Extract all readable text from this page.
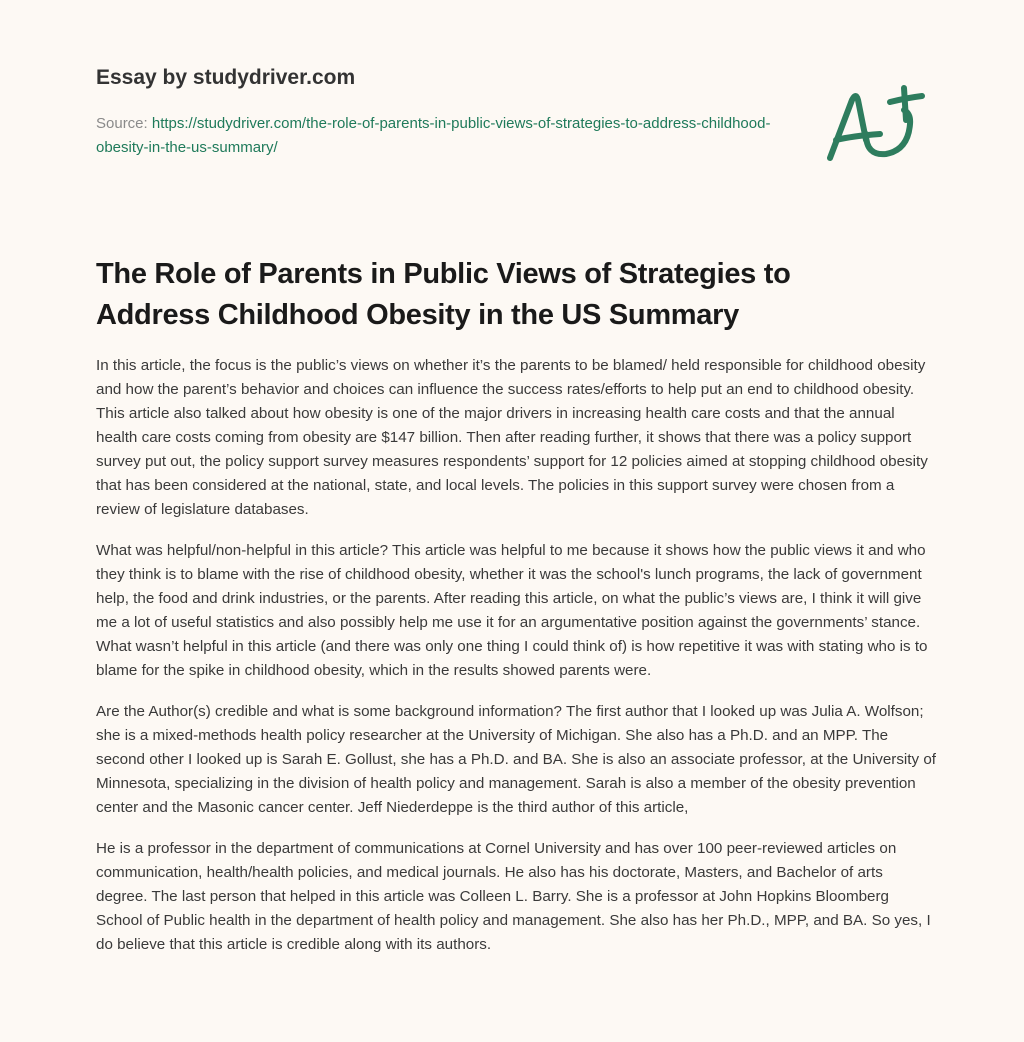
Essay by studydriver.com
Source: https://studydriver.com/the-role-of-parents-in-public-views-of-strategies-to-address-childhood-obesity-in-the-us-summary/
The Role of Parents in Public Views of Strategies to Address Childhood Obesity in the US Summary

In this article, the focus is the public’s views on whether it’s the parents to be blamed/ held responsible for childhood obesity and how the parent’s behavior and choices can influence the success rates/efforts to help put an end to childhood obesity. This article also talked about how obesity is one of the major drivers in increasing health care costs and that the annual health care costs coming from obesity are $147 billion. Then after reading further, it shows that there was a policy support survey put out, the policy support survey measures respondents’ support for 12 policies aimed at stopping childhood obesity that has been considered at the national, state, and local levels. The policies in this support survey were chosen from a review of legislature databases.

What was helpful/non-helpful in this article? This article was helpful to me because it shows how the public views it and who they think is to blame with the rise of childhood obesity, whether it was the school's lunch programs, the lack of government help, the food and drink industries, or the parents. After reading this article, on what the public’s views are, I think it will give me a lot of useful statistics and also possibly help me use it for an argumentative position against the governments’ stance. What wasn’t helpful in this article (and there was only one thing I could think of) is how repetitive it was with stating who is to blame for the spike in childhood obesity, which in the results showed parents were.

Are the Author(s) credible and what is some background information? The first author that I looked up was Julia A. Wolfson; she is a mixed-methods health policy researcher at the University of Michigan. She also has a Ph.D. and an MPP. The second other I looked up is Sarah E. Gollust, she has a Ph.D. and BA. She is also an associate professor, at the University of Minnesota, specializing in the division of health policy and management. Sarah is also a member of the obesity prevention center and the Masonic cancer center. Jeff Niederdeppe is the third author of this article,

He is a professor in the department of communications at Cornel University and has over 100 peer-reviewed articles on communication, health/health policies, and medical journals. He also has his doctorate, Masters, and Bachelor of arts degree. The last person that helped in this article was Colleen L. Barry. She is a professor at John Hopkins Bloomberg School of Public health in the department of health policy and management. She also has her Ph.D., MPP, and BA. So yes, I do believe that this article is credible along with its authors.
